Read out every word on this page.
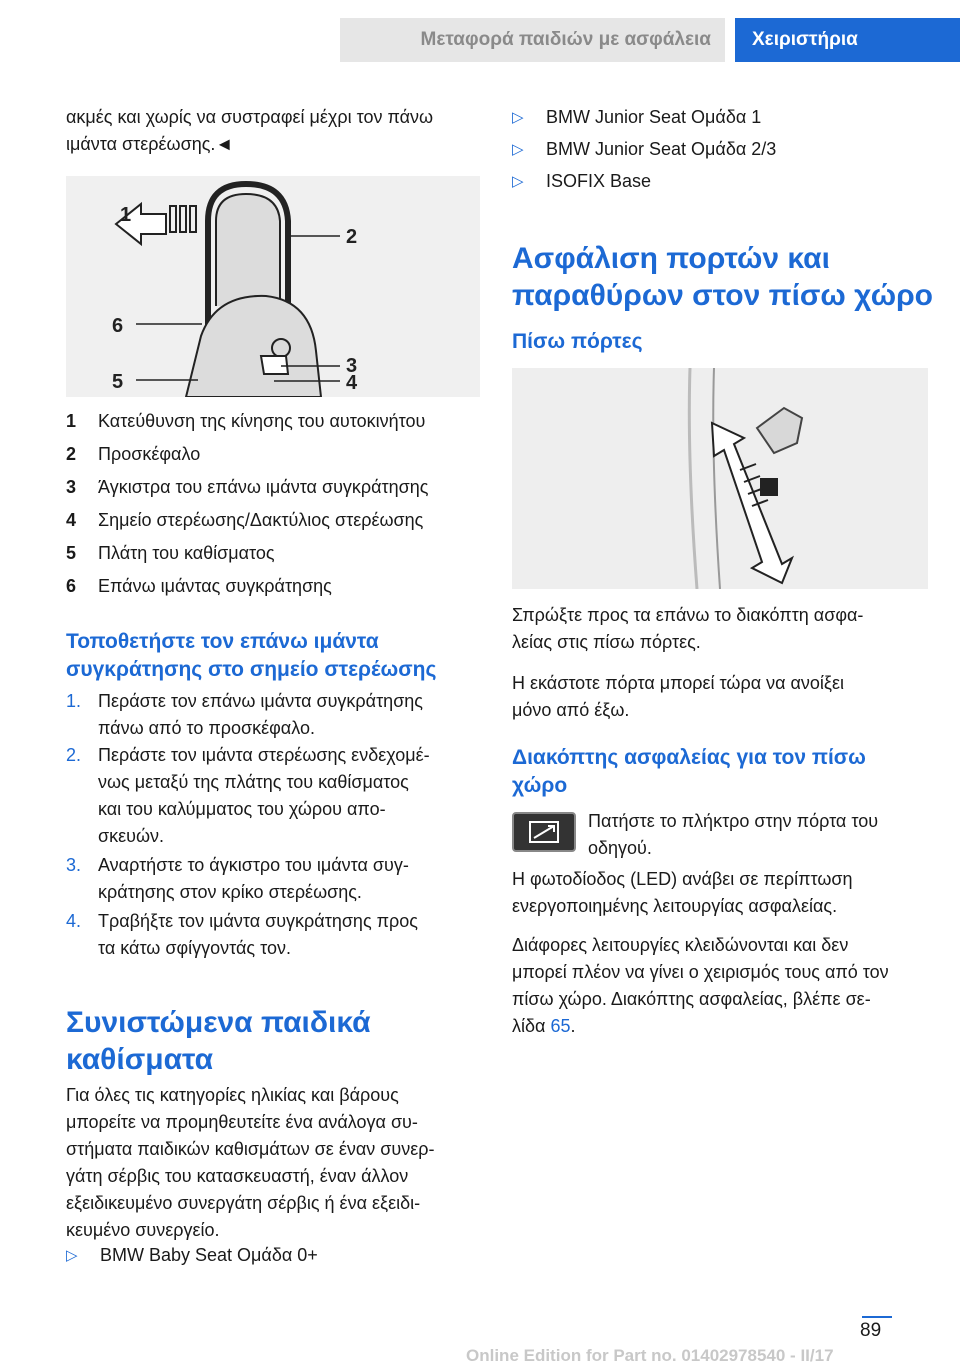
Μεταφορά παιδιών με ασφάλεια	Χειριστήρια
ακμές και χωρίς να συστραφεί μέχρι τον πάνω
ιμάντα στερέωσης.◄
1
2
3
4
5
6
1 Κατεύθυνση της κίνησης του αυτοκινήτου
2 Προσκέφαλο
3 Άγκιστρα του επάνω ιμάντα συγκράτησης
4 Σημείο στερέωσης/Δακτύλιος στερέωσης
5 Πλάτη του καθίσματος
6 Επάνω ιμάντας συγκράτησης
Τοποθετήστε τον επάνω ιμάντα
συγκράτησης στο σημείο στερέωσης
1. Περάστε τον επάνω ιμάντα συγκράτησης
πάνω από το προσκέφαλο.
2. Περάστε τον ιμάντα στερέωσης ενδεχομέ‐
νως μεταξύ της πλάτης του καθίσματος
και του καλύμματος του χώρου απο‐
σκευών.
3. Αναρτήστε το άγκιστρο του ιμάντα συγ‐
κράτησης στον κρίκο στερέωσης.
4. Τραβήξτε τον ιμάντα συγκράτησης προς
τα κάτω σφίγγοντάς τον.
Συνιστώμενα παιδικά
καθίσματα
Για όλες τις κατηγορίες ηλικίας και βάρους
μπορείτε να προμηθευτείτε ένα ανάλογα συ‐
στήματα παιδικών καθισμάτων σε έναν συνερ‐
γάτη σέρβις του κατασκευαστή, έναν άλλον
εξειδικευμένο συνεργάτη σέρβις ή ένα εξειδι‐
κευμένο συνεργείο.
▷ BMW Baby Seat Ομάδα 0+
▷ BMW Junior Seat Ομάδα 1
▷ BMW Junior Seat Ομάδα 2/3
▷ ISOFIX Base
Ασφάλιση πορτών και
παραθύρων στον πίσω χώρο
Πίσω πόρτες
Σπρώξτε προς τα επάνω το διακόπτη ασφα‐
λείας στις πίσω πόρτες.
Η εκάστοτε πόρτα μπορεί τώρα να ανοίξει
μόνο από έξω.
Διακόπτης ασφαλείας για τον πίσω
χώρο
Πατήστε το πλήκτρο στην πόρτα του
οδηγού.
Η φωτοδίοδος (LED) ανάβει σε περίπτωση
ενεργοποιημένης λειτουργίας ασφαλείας.
Διάφορες λειτουργίες κλειδώνονται και δεν
μπορεί πλέον να γίνει ο χειρισμός τους από τον
πίσω χώρο. Διακόπτης ασφαλείας, βλέπε σε‐
λίδα 65.
89
Online Edition for Part no. 01402978540 - II/17
